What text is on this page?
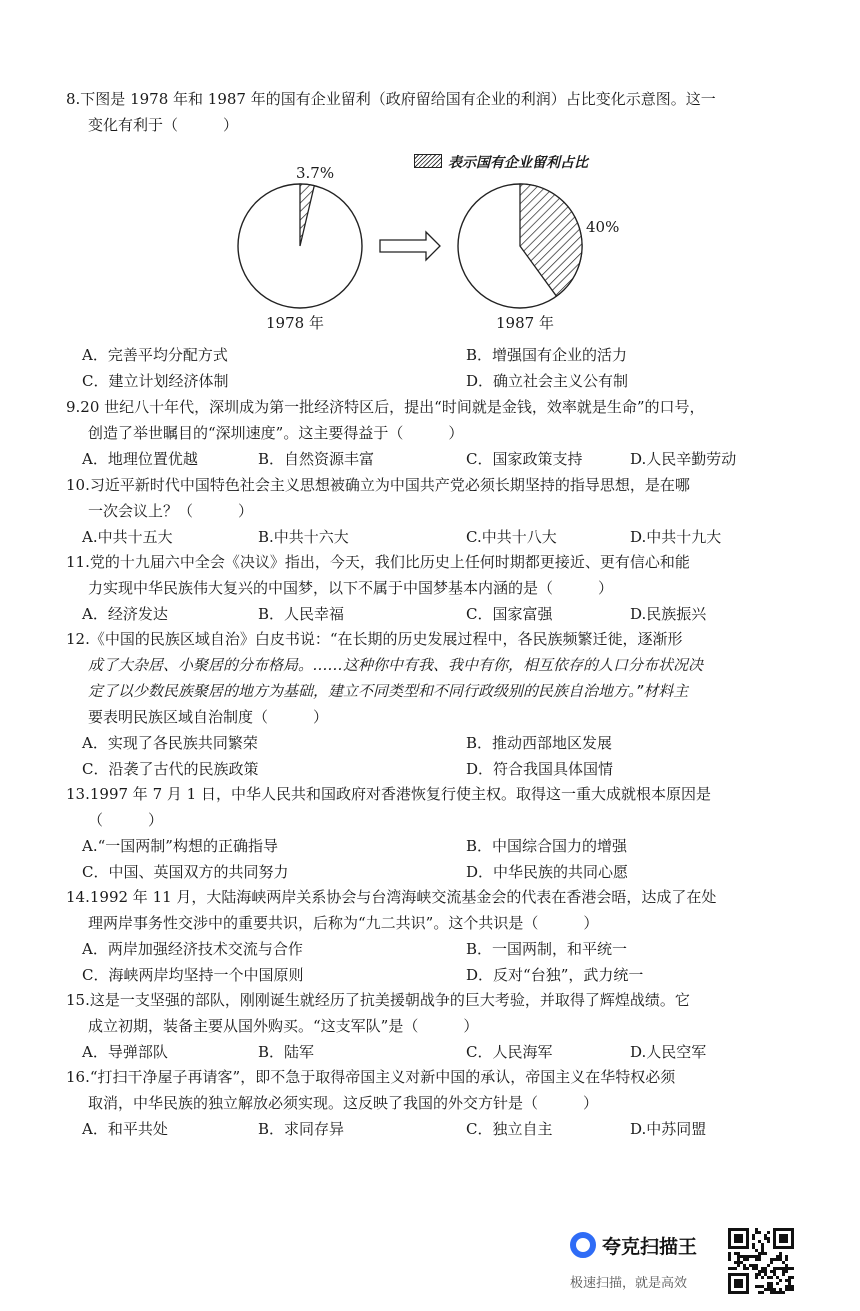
8.下图是 1978 年和 1987 年的国有企业留利（政府留给国有企业的利润）占比变化示意图。这一
变化有利于（　　　）

表示国有企业留利占比
3.7%
40%
1978 年	1987 年
A．完善平均分配方式	B．增强国有企业的活力
C．建立计划经济体制	D．确立社会主义公有制

9.20 世纪八十年代，深圳成为第一批经济特区后，提出“时间就是金钱，效率就是生命”的口号，
创造了举世瞩目的“深圳速度”。这主要得益于（　　　）

A．地理位置优越	B．自然资源丰富	C．国家政策支持	D.人民辛勤劳动

10.习近平新时代中国特色社会主义思想被确立为中国共产党必须长期坚持的指导思想，是在哪
一次会议上？（　　　）

A.中共十五大	B.中共十六大	C.中共十八大	D.中共十九大

11.党的十九届六中全会《决议》指出，今天，我们比历史上任何时期都更接近、更有信心和能
力实现中华民族伟大复兴的中国梦，以下不属于中国梦基本内涵的是（　　　）

A．经济发达	B．人民幸福	C．国家富强	D.民族振兴

12.《中国的民族区域自治》白皮书说：“在长期的历史发展过程中，各民族频繁迁徙，逐渐形
成了大杂居、小聚居的分布格局。……这种你中有我、我中有你，相互依存的人口分布状况决
定了以少数民族聚居的地方为基础，建立不同类型和不同行政级别的民族自治地方。”材料主
要表明民族区域自治制度（　　　）

A．实现了各民族共同繁荣	B．推动西部地区发展
C．沿袭了古代的民族政策	D．符合我国具体国情

13.1997 年 7 月 1 日，中华人民共和国政府对香港恢复行使主权。取得这一重大成就根本原因是
（　　　）

A.“一国两制”构想的正确指导	B．中国综合国力的增强
C．中国、英国双方的共同努力	D．中华民族的共同心愿

14.1992 年 11 月，大陆海峡两岸关系协会与台湾海峡交流基金会的代表在香港会晤，达成了在处
理两岸事务性交涉中的重要共识，后称为“九二共识”。这个共识是（　　　）

A．两岸加强经济技术交流与合作	B．一国两制，和平统一
C．海峡两岸均坚持一个中国原则	D．反对“台独”，武力统一

15.这是一支坚强的部队，刚刚诞生就经历了抗美援朝战争的巨大考验，并取得了辉煌战绩。它
成立初期，装备主要从国外购买。“这支军队”是（　　　）

A．导弹部队	B．陆军	C．人民海军	D.人民空军

16.“打扫干净屋子再请客”，即不急于取得帝国主义对新中国的承认，帝国主义在华特权必须
取消，中华民族的独立解放必须实现。这反映了我国的外交方针是（　　　）

A．和平共处	B．求同存异	C．独立自主	D.中苏同盟
夸克扫描王
极速扫描，就是高效
